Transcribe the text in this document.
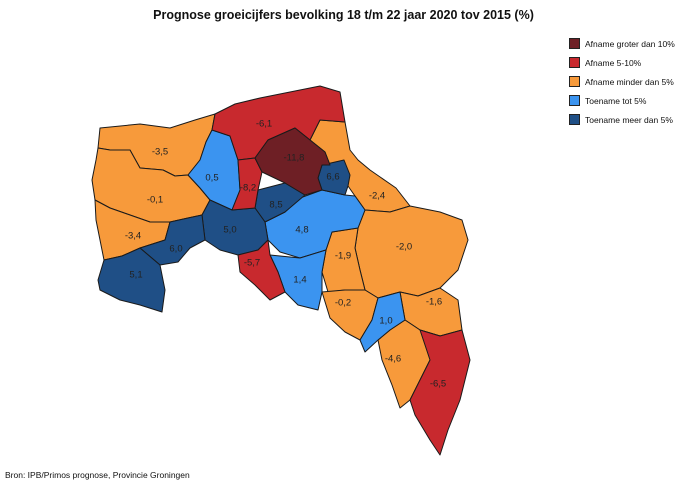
Prognose groeicijfers bevolking 18 t/m 22 jaar 2020 tov 2015 (%)
-6,1
-3,5
0,5
-11,8
6,6
-8,2
8,5
-2,4
-0,1
-3,4
5,0	4,8
-2,0
6,0
5,1
-5,7
-1,9
1,4
-0,2	-1,6
1,0
-4,6
-6,5
Afname groter dan 10%
Afname 5-10%
Afname minder dan 5%
Toename tot 5%
Toename meer dan 5%
Bron: IPB/Primos prognose, Provincie Groningen
